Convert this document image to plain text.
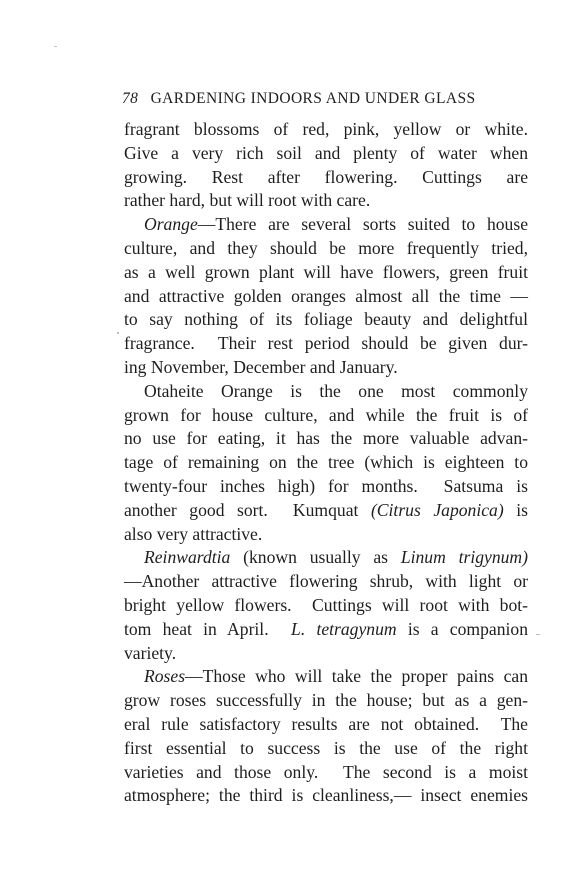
78 GARDENING INDOORS AND UNDER GLASS
fragrant blossoms of red, pink, yellow or white.
Give a very rich soil and plenty of water when
growing.  Rest  after  flowering.  Cuttings  are
rather hard, but will root with care.
Orange—There are several sorts suited to house
culture, and they should be more frequently tried,
as a well grown plant will have flowers, green fruit
and attractive golden oranges almost all the time —
to say nothing of its foliage beauty and delightful
fragrance.  Their rest period should be given dur-
ing November, December and January.
Otaheite  Orange  is  the  one  most  commonly
grown for house culture, and while the fruit is of
no use for eating, it has the more valuable advan-
tage of remaining on the tree (which is eighteen to
twenty-four inches high) for months.  Satsuma is
another good sort.  Kumquat (Citrus Japonica) is
also very attractive.
Reinwardtia (known usually as Linum trigynum)
—Another attractive flowering shrub, with light or
bright yellow flowers.  Cuttings will root with bot-
tom heat in April.  L. tetragynum is a companion
variety.
Roses—Those who will take the proper pains can
grow roses successfully in the house; but as a gen-
eral rule satisfactory results are not obtained.  The
first  essential  to  success  is  the  use  of  the  right
varieties and those only.  The second is a moist
atmosphere; the third is cleanliness,— insect enemies
